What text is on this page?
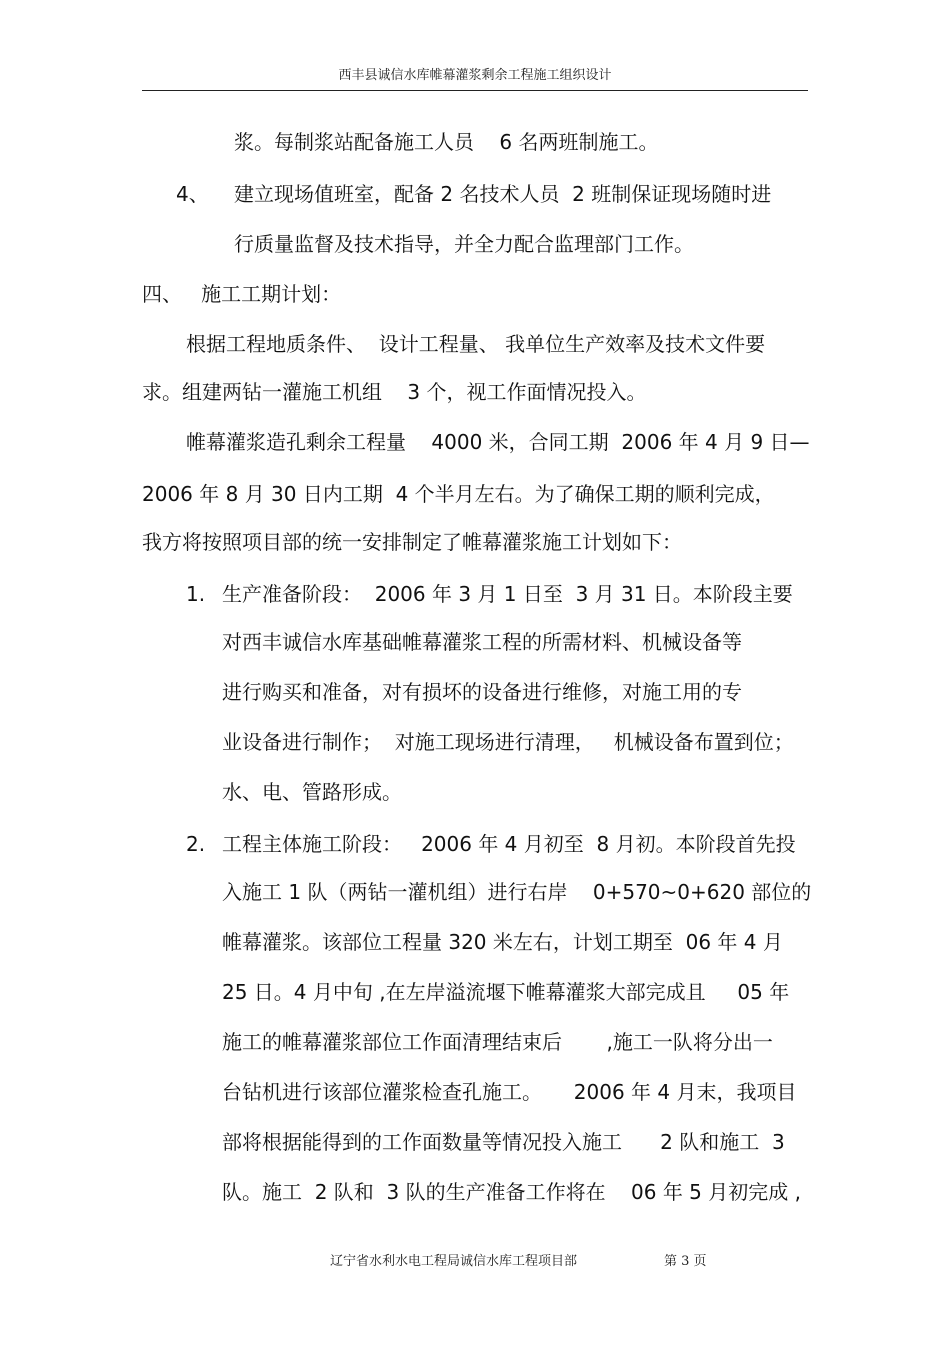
西丰县诚信水库帷幕灌浆剩余工程施工组织设计
浆。每制浆站配备施工人员    6 名两班制施工。
4、 建立现场值班室，配备 2 名技术人员  2 班制保证现场随时进
行质量监督及技术指导，并全力配合监理部门工作。
四、   施工工期计划：
根据工程地质条件、  设计工程量、 我单位生产效率及技术文件要
求。组建两钻一灌施工机组    3 个，视工作面情况投入。
帷幕灌浆造孔剩余工程量    4000 米，合同工期  2006 年 4 月 9 日—
2006 年 8 月 30 日内工期  4 个半月左右。为了确保工期的顺利完成，
我方将按照项目部的统一安排制定了帷幕灌浆施工计划如下：
1. 生产准备阶段：  2006 年 3 月 1 日至  3 月 31 日。本阶段主要
对西丰诚信水库基础帷幕灌浆工程的所需材料、机械设备等
进行购买和准备，对有损坏的设备进行维修，对施工用的专
业设备进行制作；  对施工现场进行清理，   机械设备布置到位；
水、电、管路形成。
2. 工程主体施工阶段：   2006 年 4 月初至  8 月初。本阶段首先投
入施工 1 队（两钻一灌机组）进行右岸    0+570~0+620 部位的
帷幕灌浆。该部位工程量 320 米左右，计划工期至  06 年 4 月
25 日。4 月中旬 ,在左岸溢流堰下帷幕灌浆大部完成且     05 年
施工的帷幕灌浆部位工作面清理结束后       ,施工一队将分出一
台钻机进行该部位灌浆检查孔施工。     2006 年 4 月末，我项目
部将根据能得到的工作面数量等情况投入施工      2 队和施工  3
队。施工  2 队和  3 队的生产准备工作将在    06 年 5 月初完成 ,
辽宁省水利水电工程局诚信水库工程项目部	第 3 页
